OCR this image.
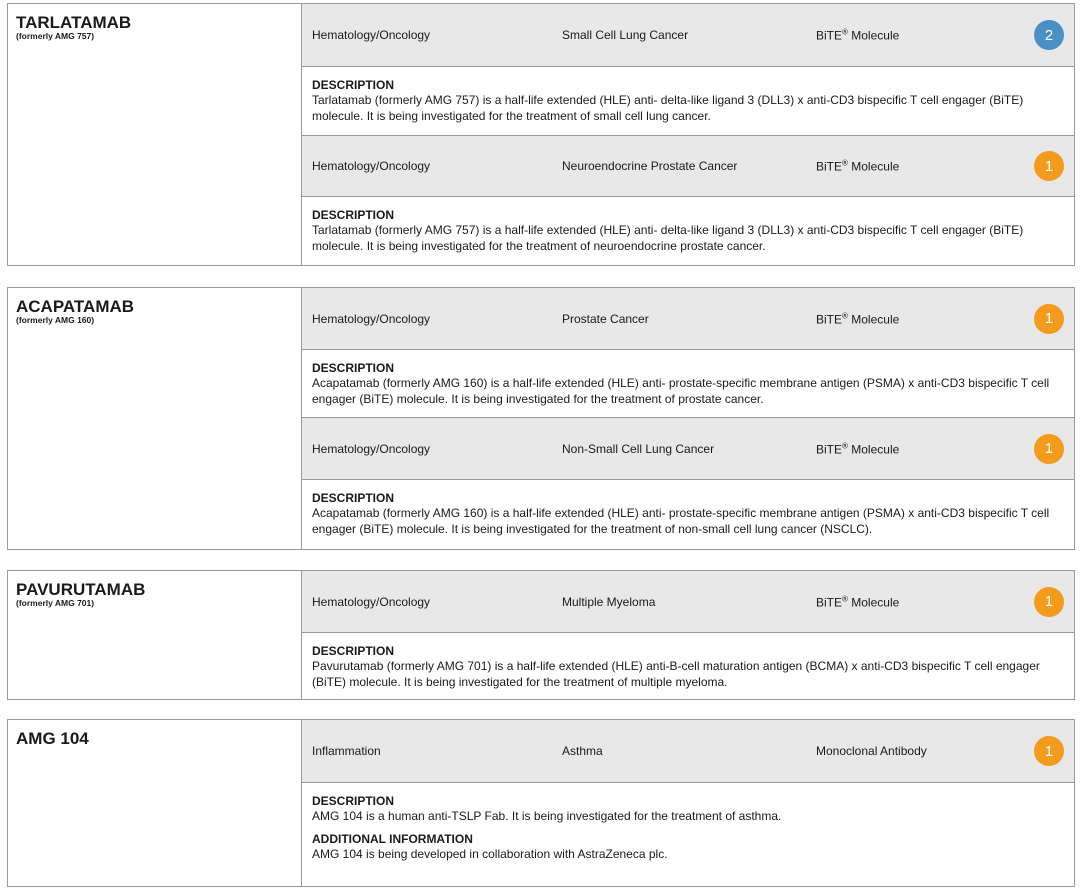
TARLATAMAB
(formerly AMG 757)	Hematology/Oncology	Small Cell Lung Cancer	BiTE® Molecule	2
DESCRIPTION
Tarlatamab (formerly AMG 757) is a half-life extended (HLE) anti- delta-like ligand 3 (DLL3) x anti-CD3 bispecific T cell engager (BiTE) molecule. It is being investigated for the treatment of small cell lung cancer.
Hematology/Oncology	Neuroendocrine Prostate Cancer	BiTE® Molecule	1
DESCRIPTION
Tarlatamab (formerly AMG 757) is a half-life extended (HLE) anti- delta-like ligand 3 (DLL3) x anti-CD3 bispecific T cell engager (BiTE) molecule. It is being investigated for the treatment of neuroendocrine prostate cancer.
ACAPATAMAB
(formerly AMG 160)	Hematology/Oncology	Prostate Cancer	BiTE® Molecule	1
DESCRIPTION
Acapatamab (formerly AMG 160) is a half-life extended (HLE) anti- prostate-specific membrane antigen (PSMA) x anti-CD3 bispecific T cell engager (BiTE) molecule. It is being investigated for the treatment of prostate cancer.
Hematology/Oncology	Non-Small Cell Lung Cancer	BiTE® Molecule	1
DESCRIPTION
Acapatamab (formerly AMG 160) is a half-life extended (HLE) anti- prostate-specific membrane antigen (PSMA) x anti-CD3 bispecific T cell engager (BiTE) molecule. It is being investigated for the treatment of non-small cell lung cancer (NSCLC).
PAVURUTAMAB
(formerly AMG 701)	Hematology/Oncology	Multiple Myeloma	BiTE® Molecule	1
DESCRIPTION
Pavurutamab (formerly AMG 701) is a half-life extended (HLE) anti-B-cell maturation antigen (BCMA) x anti-CD3 bispecific T cell engager (BiTE) molecule. It is being investigated for the treatment of multiple myeloma.
AMG 104
Inflammation	Asthma	Monoclonal Antibody	1
DESCRIPTION
AMG 104 is a human anti-TSLP Fab. It is being investigated for the treatment of asthma.
ADDITIONAL INFORMATION
AMG 104 is being developed in collaboration with AstraZeneca plc.
